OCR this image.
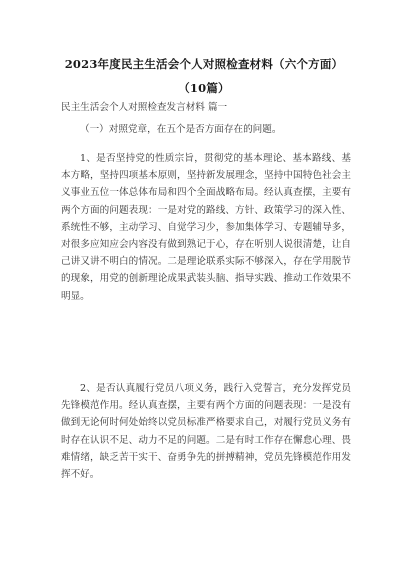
2023年度民主生活会个人对照检查材料（六个方面）
（10篇）
民主生活会个人对照检查发言材料 篇一
（一）对照党章，在五个是否方面存在的问题。
1、是否坚持党的性质宗旨，贯彻党的基本理论、基本路线、基本方略，坚持四项基本原则，坚持新发展理念，坚持中国特色社会主义事业五位一体总体布局和四个全面战略布局。经认真查摆，主要有两个方面的问题表现：一是对党的路线、方针、政策学习的深入性、系统性不够，主动学习、自觉学习少，参加集体学习、专题辅导多，对很多应知应会内容没有做到熟记于心，存在听别人说很清楚，让自己讲又讲不明白的情况。二是理论联系实际不够深入，存在学用脱节的现象，用党的创新理论成果武装头脑、指导实践、推动工作效果不明显。
2、是否认真履行党员八项义务，践行入党誓言，充分发挥党员先锋模范作用。经认真查摆，主要有两个方面的问题表现：一是没有做到无论何时何处始终以党员标准严格要求自己，对履行党员义务有时存在认识不足、动力不足的问题。二是有时工作存在懈怠心理、畏难情绪，缺乏苦干实干、奋勇争先的拼搏精神，党员先锋模范作用发挥不好。
